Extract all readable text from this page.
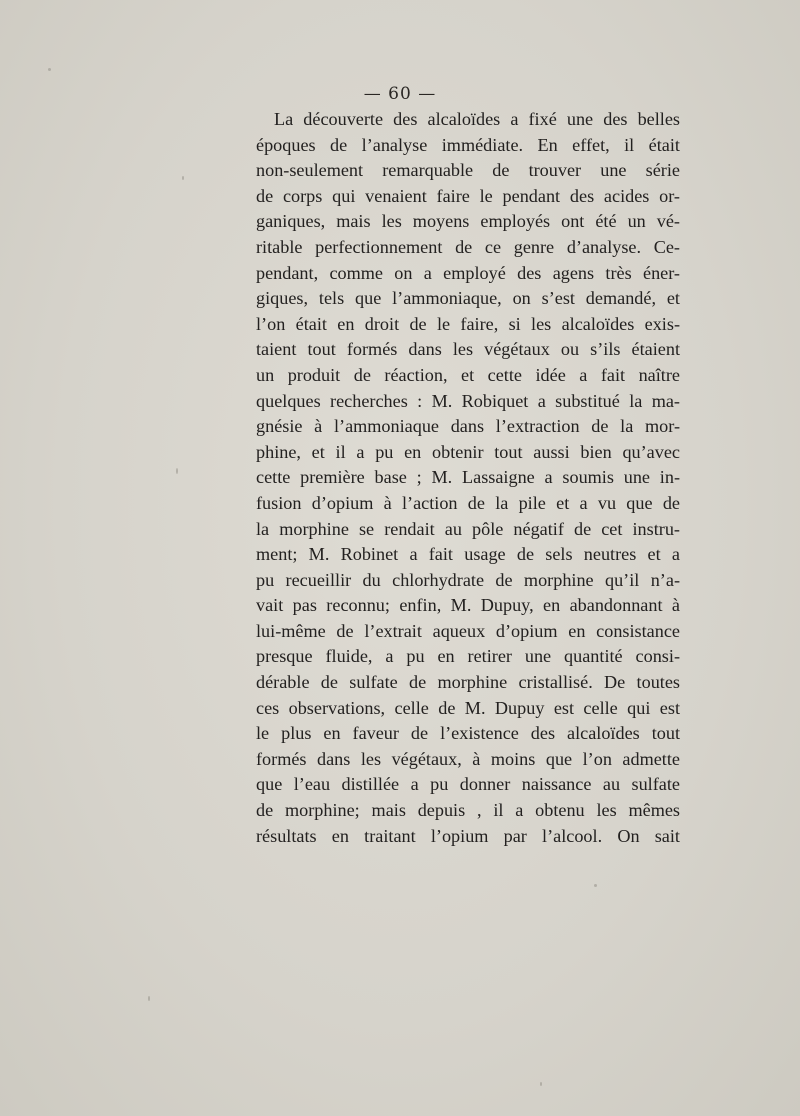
— 60 —
La découverte des alcaloïdes a fixé une des belles
époques de l’analyse immédiate. En effet, il était
non-seulement remarquable de trouver une série
de corps qui venaient faire le pendant des acides or-
ganiques, mais les moyens employés ont été un vé-
ritable perfectionnement de ce genre d’analyse. Ce-
pendant, comme on a employé des agens très éner-
giques, tels que l’ammoniaque, on s’est demandé, et
l’on était en droit de le faire, si les alcaloïdes exis-
taient tout formés dans les végétaux ou s’ils étaient
un produit de réaction, et cette idée a fait naître
quelques recherches : M. Robiquet a substitué la ma-
gnésie à l’ammoniaque dans l’extraction de la mor-
phine, et il a pu en obtenir tout aussi bien qu’avec
cette première base ; M. Lassaigne a soumis une in-
fusion d’opium à l’action de la pile et a vu que de
la morphine se rendait au pôle négatif de cet instru-
ment; M. Robinet a fait usage de sels neutres et a
pu recueillir du chlorhydrate de morphine qu’il n’a-
vait pas reconnu; enfin, M. Dupuy, en abandonnant à
lui-même de l’extrait aqueux d’opium en consistance
presque fluide, a pu en retirer une quantité consi-
dérable de sulfate de morphine cristallisé. De toutes
ces observations, celle de M. Dupuy est celle qui est
le plus en faveur de l’existence des alcaloïdes tout
formés dans les végétaux, à moins que l’on admette
que l’eau distillée a pu donner naissance au sulfate
de morphine; mais depuis , il a obtenu les mêmes
résultats en traitant l’opium par l’alcool. On sait
